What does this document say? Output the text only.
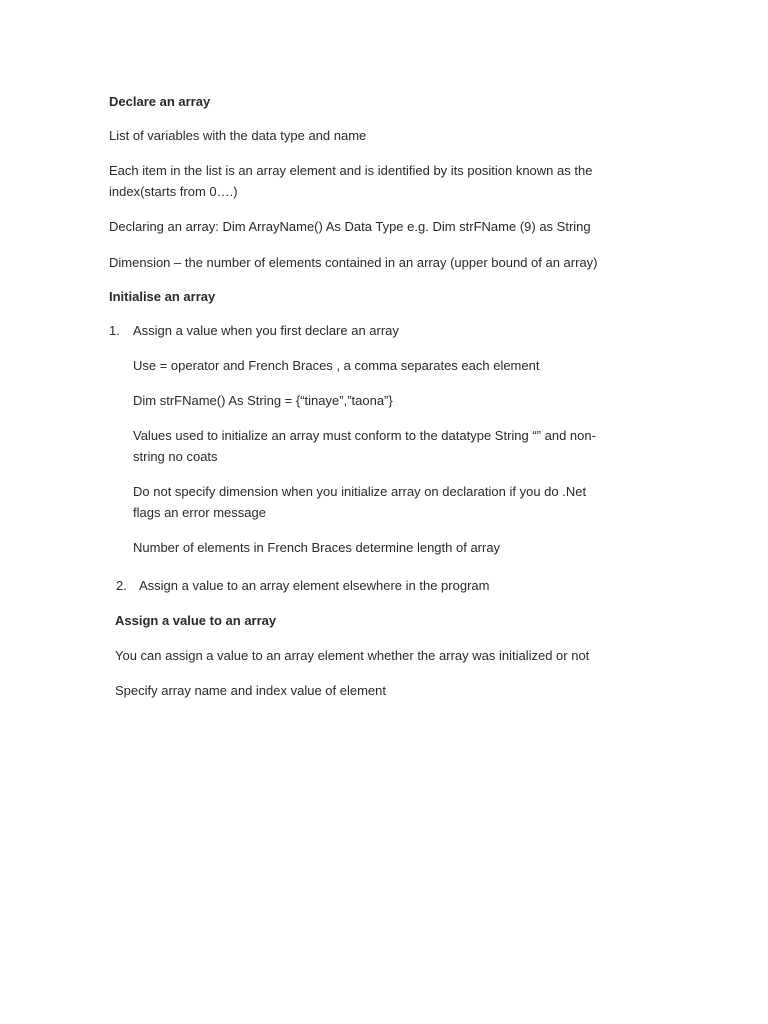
Declare an array
List of variables with the data type and name
Each item in the list is an array element and is identified by its position known as the
index(starts from 0….)
Declaring an array: Dim ArrayName() As Data Type e.g. Dim strFName (9) as String
Dimension – the number of elements contained in an array (upper bound of an array)
Initialise an array
1. Assign a value when you first declare an array
Use = operator and French Braces , a comma separates each element
Dim strFName() As String = {“tinaye”,”taona”}
Values used to initialize an array must conform to the datatype String “” and non-
string no coats
Do not specify dimension when you initialize array on declaration if you do .Net
flags an error message
Number of elements in French Braces determine length of array
2. Assign a value to an array element elsewhere in the program
Assign a value to an array
You can assign a value to an array element whether the array was initialized or not
Specify array name and index value of element
